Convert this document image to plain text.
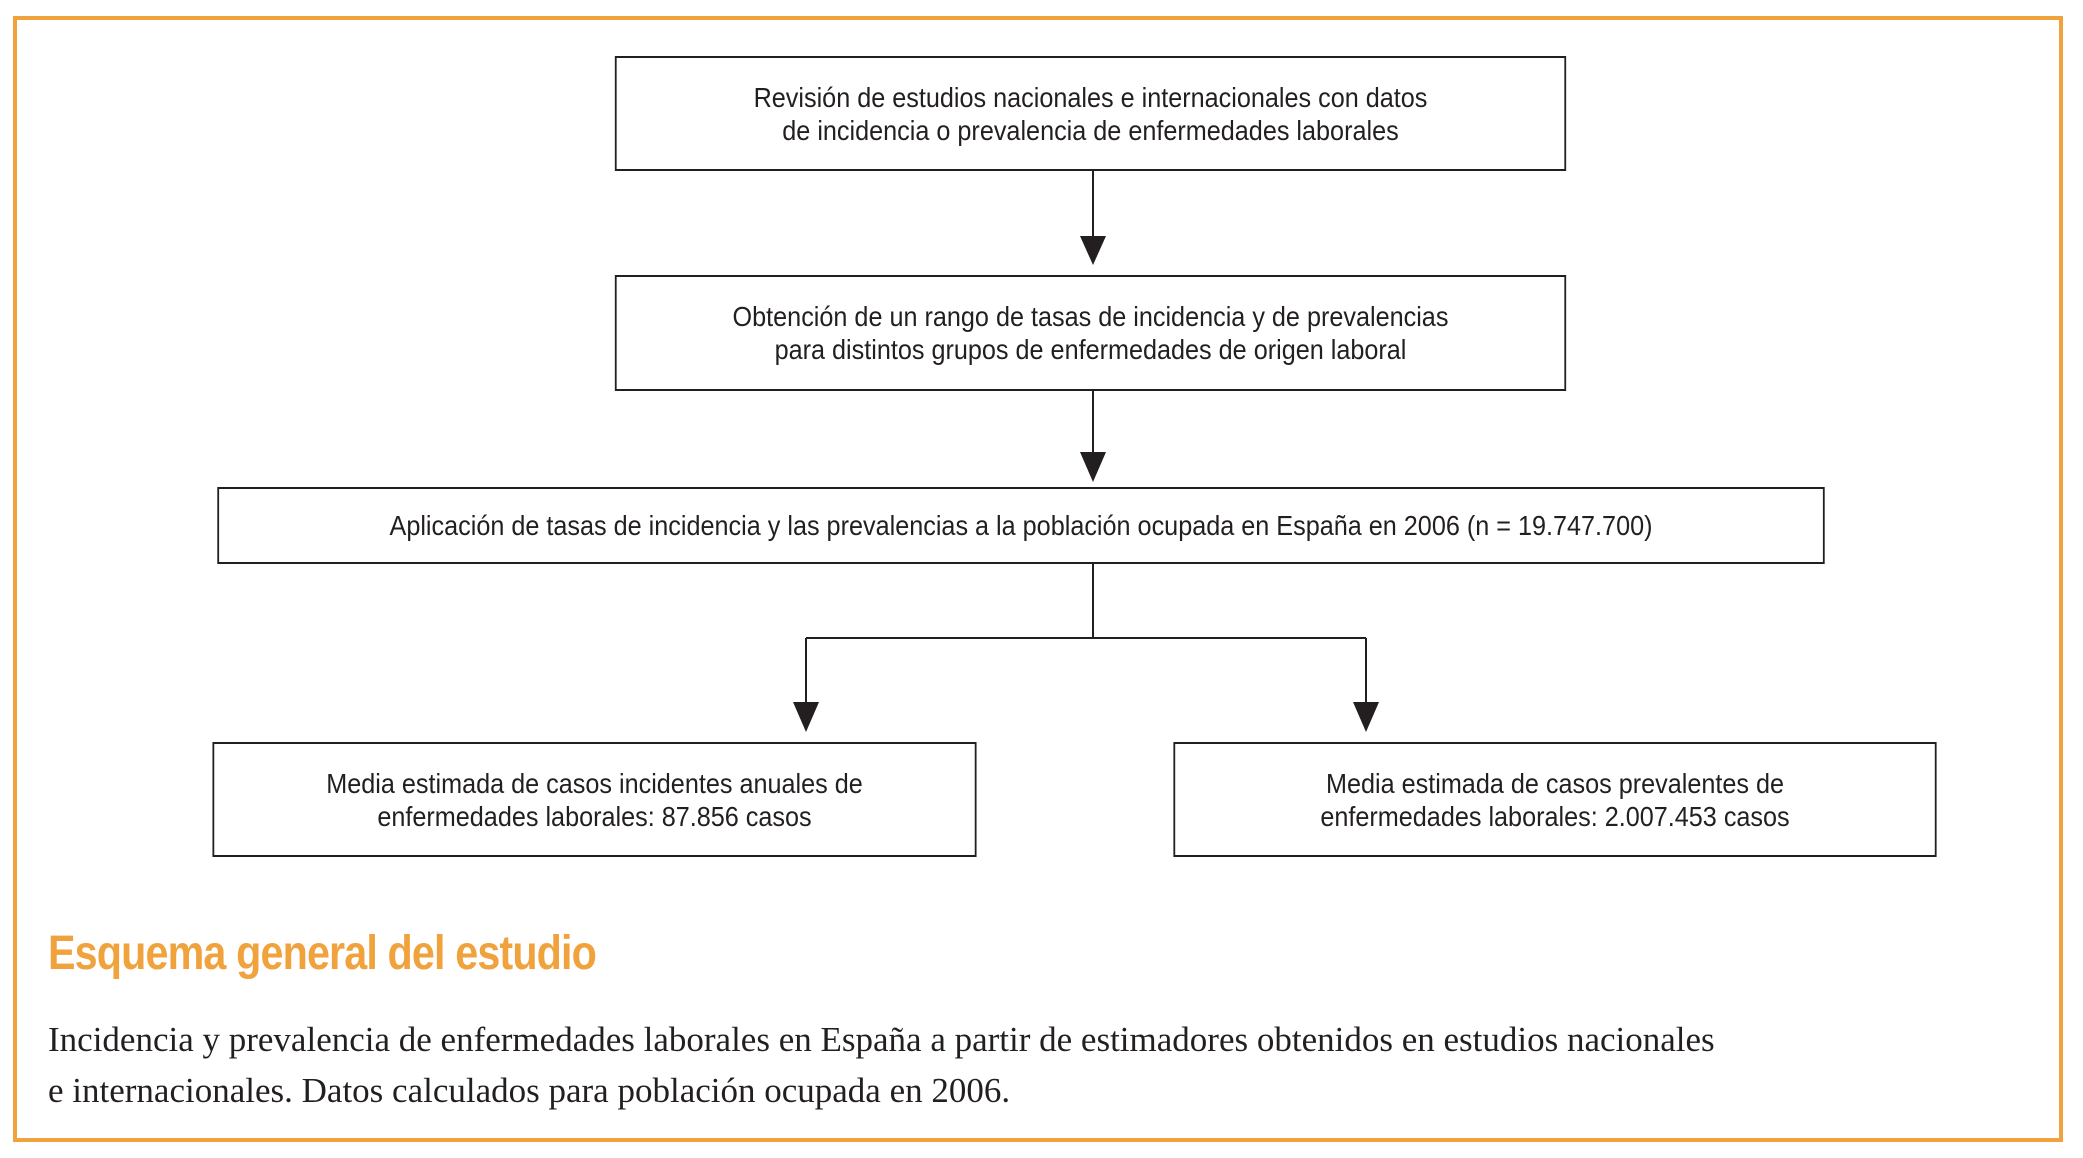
Revisión de estudios nacionales e internacionales con datos
de incidencia o prevalencia de enfermedades laborales
Obtención de un rango de tasas de incidencia y de prevalencias
para distintos grupos de enfermedades de origen laboral
Aplicación de tasas de incidencia y las prevalencias a la población ocupada en España en 2006 (n = 19.747.700)
Media estimada de casos incidentes anuales de
enfermedades laborales: 87.856 casos
Media estimada de casos prevalentes de
enfermedades laborales: 2.007.453 casos
Esquema general del estudio
Incidencia y prevalencia de enfermedades laborales en España a partir de estimadores obtenidos en estudios nacionales
e internacionales. Datos calculados para población ocupada en 2006.
